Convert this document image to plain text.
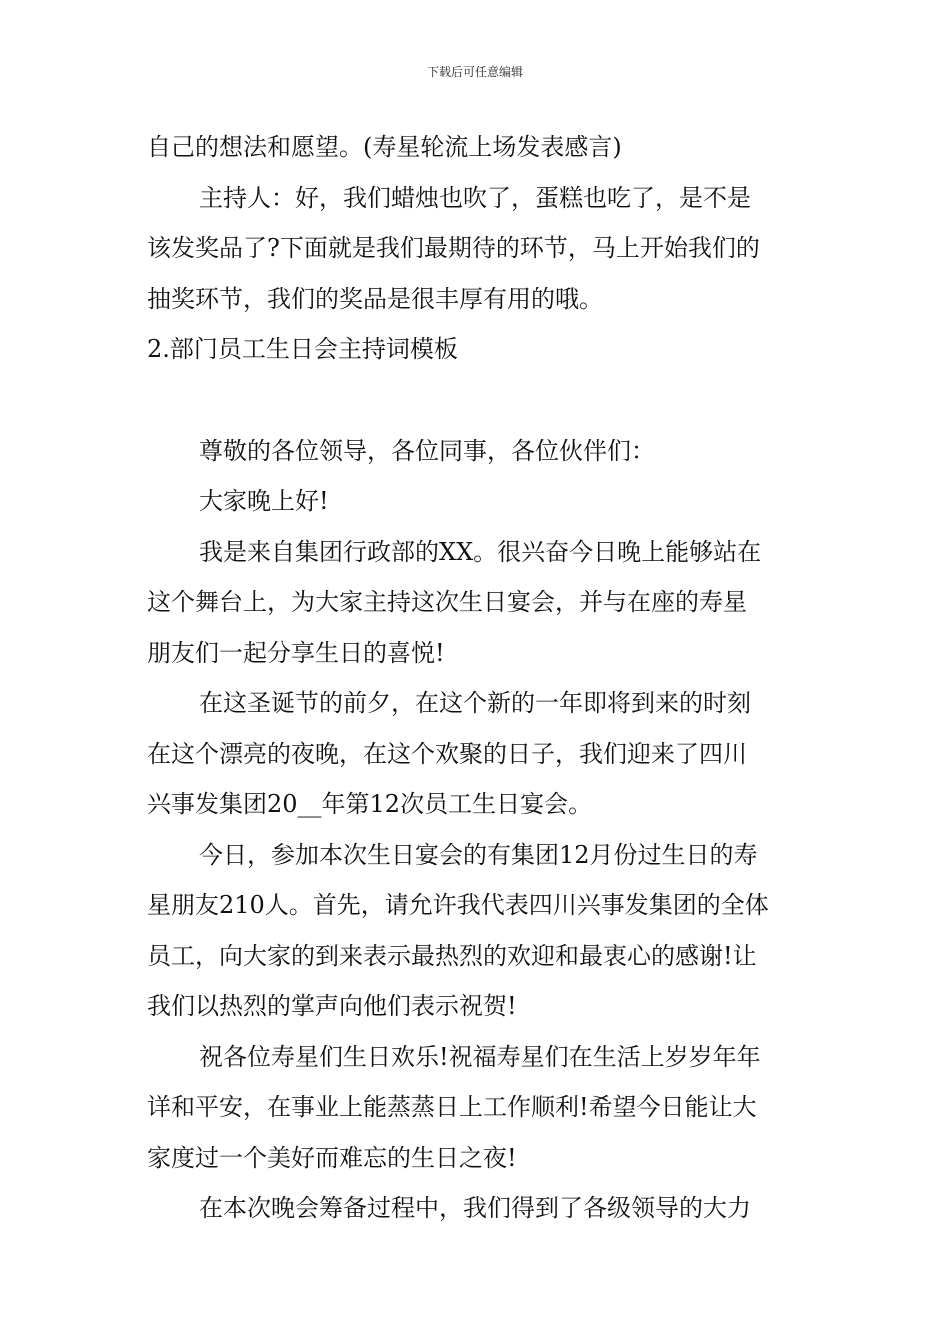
下载后可任意编辑

自己的想法和愿望。(寿星轮流上场发表感言)

主持人：好，我们蜡烛也吹了，蛋糕也吃了，是不是

该发奖品了?下面就是我们最期待的环节，马上开始我们的

抽奖环节，我们的奖品是很丰厚有用的哦。

2.部门员工生日会主持词模板

尊敬的各位领导，各位同事，各位伙伴们：

大家晚上好!

我是来自集团行政部的XX。很兴奋今日晚上能够站在

这个舞台上，为大家主持这次生日宴会，并与在座的寿星

朋友们一起分享生日的喜悦!

在这圣诞节的前夕，在这个新的一年即将到来的时刻

在这个漂亮的夜晚，在这个欢聚的日子，我们迎来了四川

兴事发集团20__年第12次员工生日宴会。

今日，参加本次生日宴会的有集团12月份过生日的寿

星朋友210人。首先，请允许我代表四川兴事发集团的全体

员工，向大家的到来表示最热烈的欢迎和最衷心的感谢!让

我们以热烈的掌声向他们表示祝贺!

祝各位寿星们生日欢乐!祝福寿星们在生活上岁岁年年

详和平安，在事业上能蒸蒸日上工作顺利!希望今日能让大

家度过一个美好而难忘的生日之夜!

在本次晚会筹备过程中，我们得到了各级领导的大力
